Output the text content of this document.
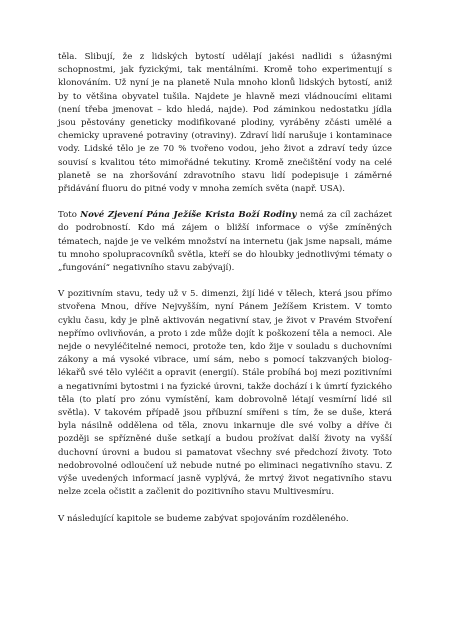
těla. Slibují, že z lidských bytostí udělají jakési nadlidi s úžasnými schopnostmi, jak fyzickými, tak mentálními. Kromě toho experimentují s klonováním. Už nyní je na planetě Nula mnoho klonů lidských bytostí, aniž by to většina obyvatel tušila. Najdete je hlavně mezi vládnoucími elitami (není třeba jmenovat – kdo hledá, najde). Pod záminkou nedostatku jídla jsou pěstovány geneticky modifikované plodiny, vyráběny zčásti umělé a chemicky upravené potraviny (otraviny). Zdraví lidí narušuje i kontaminace vody. Lidské tělo je ze 70 % tvořeno vodou, jeho život a zdraví tedy úzce souvisí s kvalitou této mimořádné tekutiny. Kromě znečištění vody na celé planetě se na zhoršování zdravotního stavu lidí podepisuje i záměrné přidávání fluoru do pitné vody v mnoha zemích světa (např. USA).

Toto Nové Zjevení Pána Ježíše Krista Boží Rodiny nemá za cíl zacházet do podrobností. Kdo má zájem o bližší informace o výše zmíněných tématech, najde je ve velkém množství na internetu (jak jsme napsali, máme tu mnoho spolupracovníků světla, kteří se do hloubky jednotlivými tématy o „fungování“ negativního stavu zabývají).

V pozitivním stavu, tedy už v 5. dimenzi, žijí lidé v tělech, která jsou přímo stvořena Mnou, dříve Nejvyšším, nyní Pánem Ježíšem Kristem. V tomto cyklu času, kdy je plně aktivován negativní stav, je život v Pravém Stvoření nepřímo ovlivňován, a proto i zde může dojít k poškození těla a nemoci. Ale nejde o nevyléčitelné nemoci, protože ten, kdo žije v souladu s duchovními zákony a má vysoké vibrace, umí sám, nebo s pomocí takzvaných biolog-lékařů své tělo vyléčit a opravit (energií). Stále probíhá boj mezi pozitivními a negativními bytostmi i na fyzické úrovni, takže dochází i k úmrtí fyzického těla (to platí pro zónu vymístění, kam dobrovolně létají vesmírní lidé sil světla). V takovém případě jsou příbuzní smířeni s tím, že se duše, která byla násilně oddělena od těla, znovu inkarnuje dle své volby a dříve či později se spřízněné duše setkají a budou prožívat další životy na vyšší duchovní úrovni a budou si pamatovat všechny své předchozí životy. Toto nedobrovolné odloučení už nebude nutné po eliminaci negativního stavu. Z výše uvedených informací jasně vyplývá, že mrtvý život negativního stavu nelze zcela očistit a začlenit do pozitivního stavu Multivesmíru.

V následující kapitole se budeme zabývat spojováním rozděleného.
